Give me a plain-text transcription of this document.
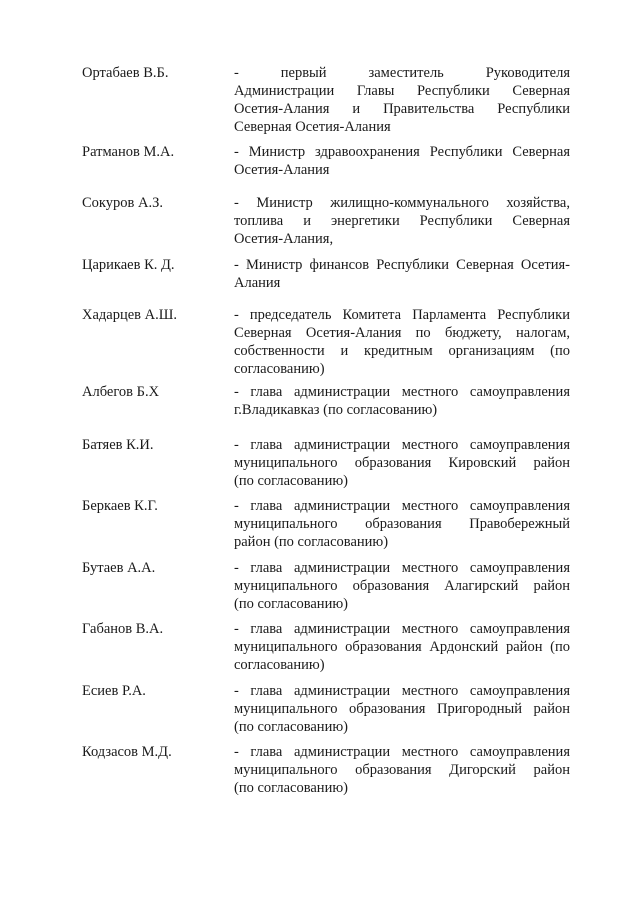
Ортабаев В.Б.	- первый заместитель Руководителя

Администрации Главы Республики Северная

Осетия-Алания и Правительства Республики

Северная Осетия-Алания

Ратманов М.А.	- Министр здравоохранения Республики Северная

Осетия-Алания

Сокуров А.З.	- Министр жилищно-коммунального хозяйства,

топлива и энергетики Республики Северная

Осетия-Алания,

Царикаев К. Д.	- Министр финансов Республики Северная Осетия-

Алания

Хадарцев А.Ш.	- председатель Комитета Парламента Республики

Северная Осетия-Алания по бюджету, налогам,

собственности и кредитным организациям (по

согласованию)

Албегов Б.Х	- глава администрации местного самоуправления

г.Владикавказ (по согласованию)

Батяев К.И.	- глава администрации местного самоуправления

муниципального образования Кировский район

(по согласованию)

Беркаев К.Г.	- глава администрации местного самоуправления

муниципального образования Правобережный

район (по согласованию)

Бутаев А.А.	- глава администрации местного самоуправления

муниципального образования Алагирский район

(по согласованию)

Габанов В.А.	- глава администрации местного самоуправления

муниципального образования Ардонский район (по

согласованию)

Есиев Р.А.	- глава администрации местного самоуправления

муниципального образования Пригородный район

(по согласованию)

Кодзасов М.Д.	- глава администрации местного самоуправления

муниципального образования Дигорский район

(по согласованию)
